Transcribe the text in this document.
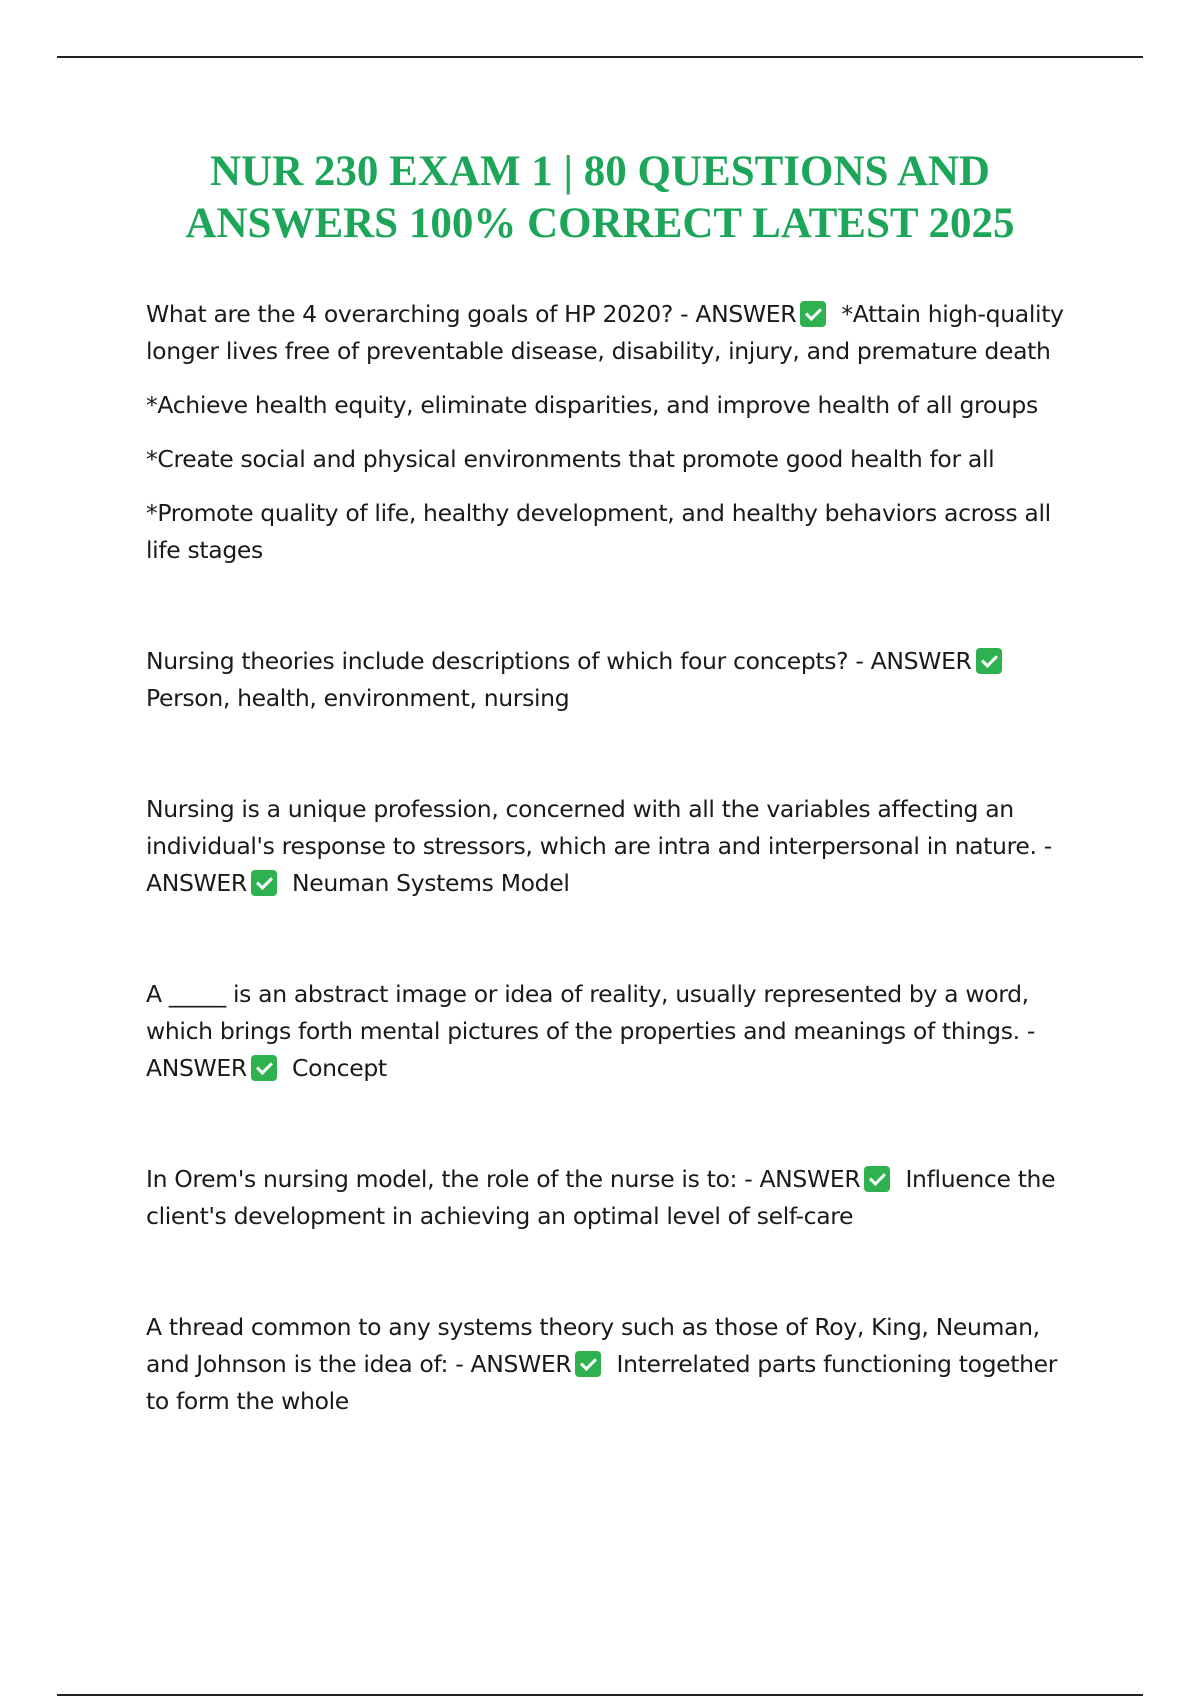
NUR 230 EXAM 1 | 80 QUESTIONS AND ANSWERS 100% CORRECT LATEST 2025

What are the 4 overarching goals of HP 2020? - ANSWER *Attain high-quality longer lives free of preventable disease, disability, injury, and premature death

*Achieve health equity, eliminate disparities, and improve health of all groups

*Create social and physical environments that promote good health for all

*Promote quality of life, healthy development, and healthy behaviors across all life stages

Nursing theories include descriptions of which four concepts? - ANSWER
Person, health, environment, nursing

Nursing is a unique profession, concerned with all the variables affecting an individual's response to stressors, which are intra and interpersonal in nature. - ANSWER Neuman Systems Model

A _____ is an abstract image or idea of reality, usually represented by a word, which brings forth mental pictures of the properties and meanings of things. - ANSWER Concept

In Orem's nursing model, the role of the nurse is to: - ANSWER Influence the client's development in achieving an optimal level of self-care

A thread common to any systems theory such as those of Roy, King, Neuman, and Johnson is the idea of: - ANSWER Interrelated parts functioning together to form the whole
